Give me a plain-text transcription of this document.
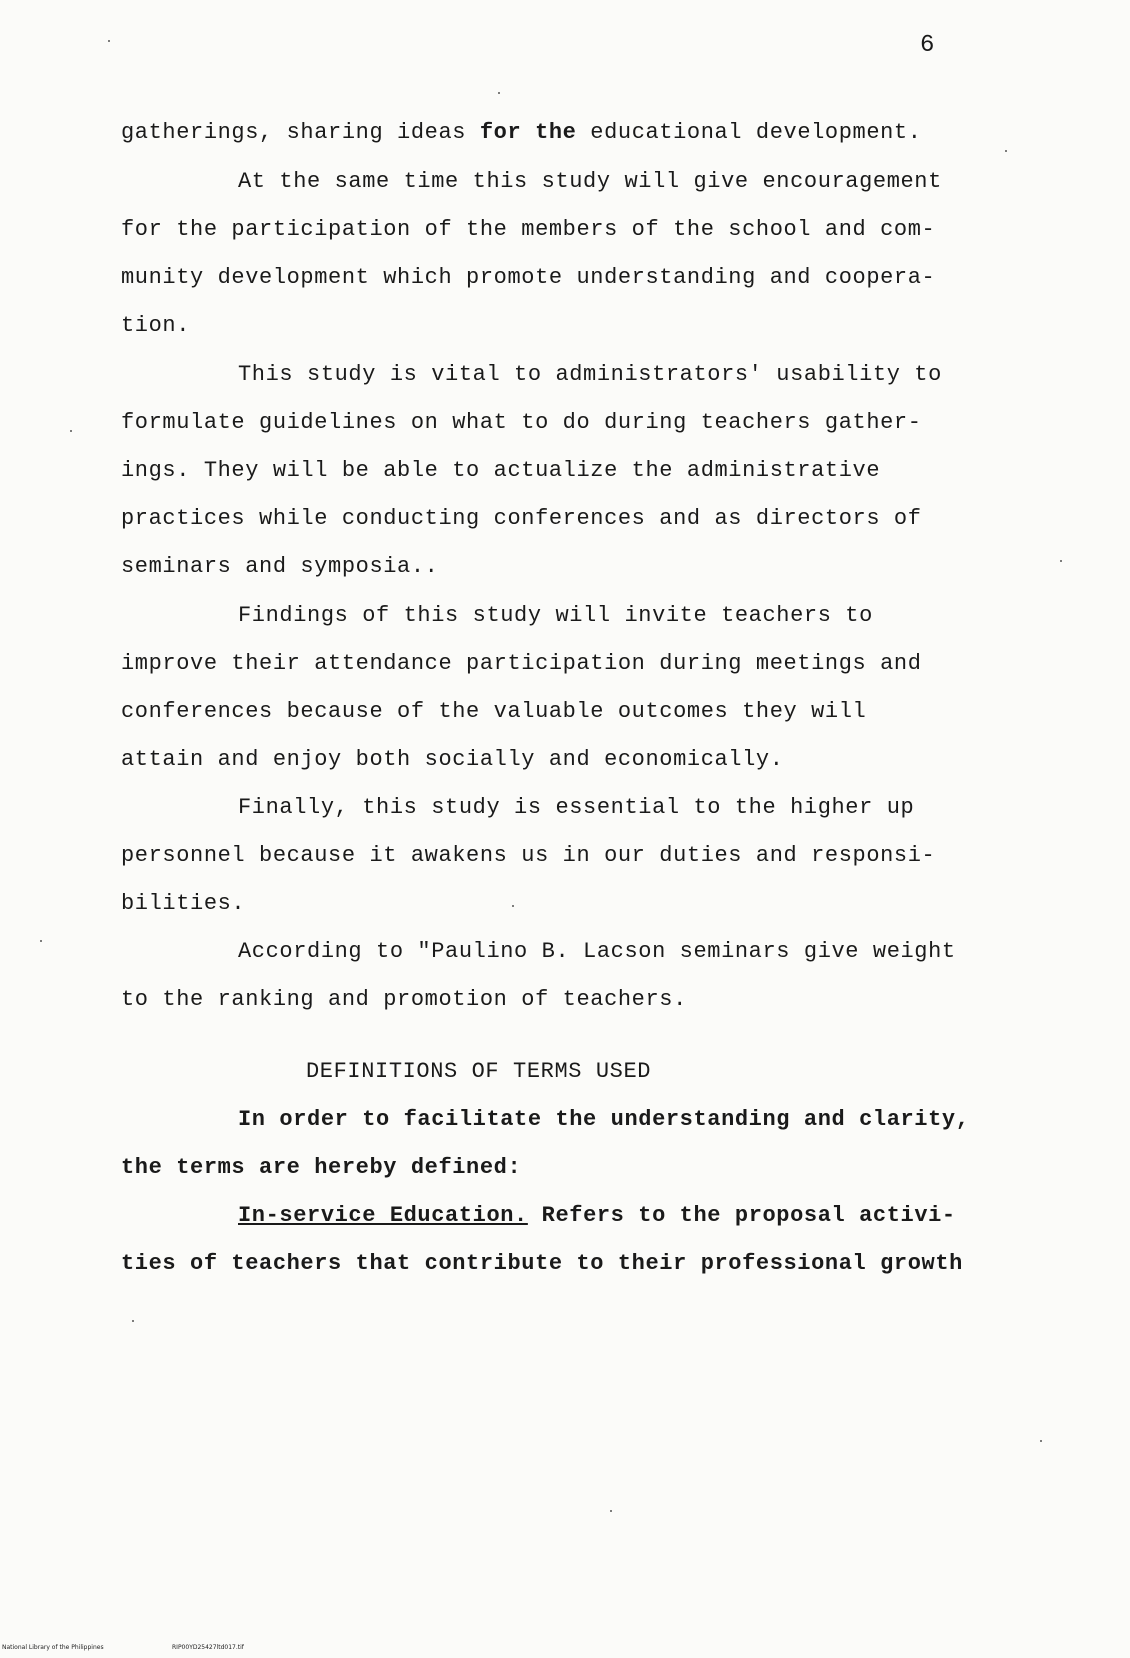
6
gatherings, sharing ideas for the educational development.
At the same time this study will give encouragement
for the participation of the members of the school and com-
munity development which promote understanding and coopera-
tion.
This study is vital to administrators' usability to
formulate guidelines on what to do during teachers gather-
ings. They will be able to actualize the administrative
practices while conducting conferences and as directors of
seminars and symposia..
Findings of this study will invite teachers to
improve their attendance participation during meetings and
conferences because of the valuable outcomes they will
attain and enjoy both socially and economically.
Finally, this study is essential to the higher up
personnel because it awakens us in our duties and responsi-
bilities.
According to "Paulino B. Lacson seminars give weight
to the ranking and promotion of teachers.
DEFINITIONS OF TERMS USED
In order to facilitate the understanding and clarity,
the terms are hereby defined:
In-service Education. Refers to the proposal activi-
ties of teachers that contribute to their professional growth
National Library of the Philippines	RIP00YD25427ltd017.tif
